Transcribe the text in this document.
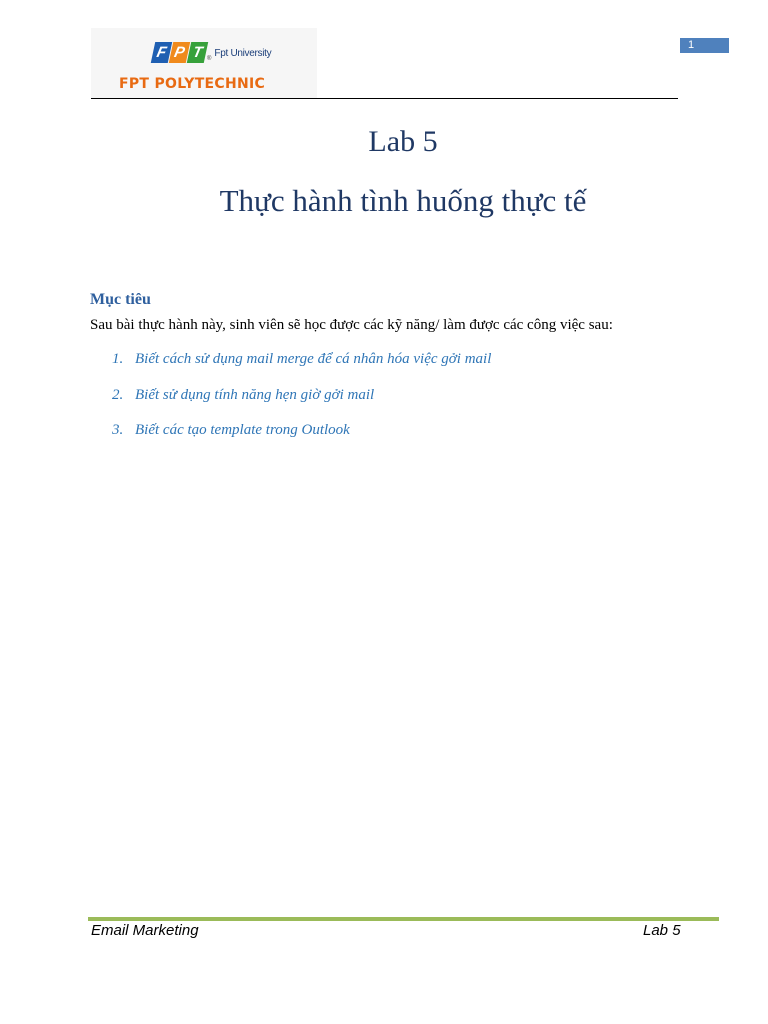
F P T ® Fpt University
FPT POLYTECHNIC
1
Lab 5
Thực hành tình huống thực tế
Mục tiêu
Sau bài thực hành này, sinh viên sẽ học được các kỹ năng/ làm được các công việc sau:
1. Biết cách sử dụng mail merge để cá nhân hóa việc gởi mail
2. Biết sử dụng tính năng hẹn giờ gởi mail
3. Biết các tạo template trong Outlook
Email Marketing	Lab 5
